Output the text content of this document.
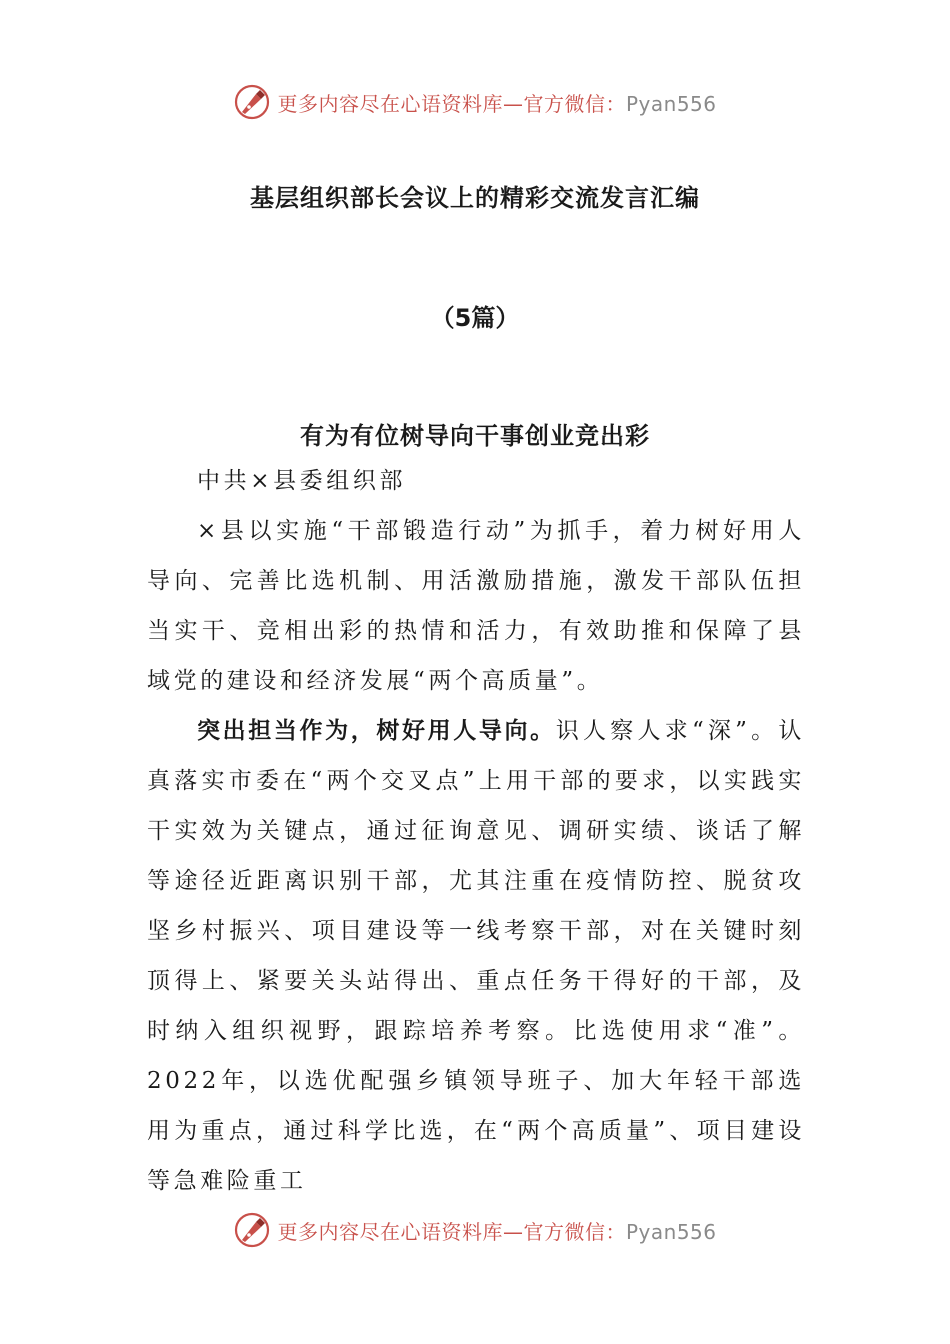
更多内容尽在心语资料库—官方微信：Pyan556
基层组织部长会议上的精彩交流发言汇编
（5篇）
有为有位树导向干事创业竞出彩

中共×县委组织部

×县以实施“干部锻造行动”为抓手，着力树好用人导向、完善比选机制、用活激励措施，激发干部队伍担当实干、竞相出彩的热情和活力，有效助推和保障了县域党的建设和经济发展“两个高质量”。

突出担当作为，树好用人导向。识人察人求“深”。认真落实市委在“两个交叉点”上用干部的要求，以实践实干实效为关键点，通过征询意见、调研实绩、谈话了解等途径近距离识别干部，尤其注重在疫情防控、脱贫攻坚乡村振兴、项目建设等一线考察干部，对在关键时刻顶得上、紧要关头站得出、重点任务干得好的干部，及时纳入组织视野，跟踪培养考察。比选使用求“准”。2022年，以选优配强乡镇领导班子、加大年轻干部选用为重点，通过科学比选，在“两个高质量”、项目建设等急难险重工

更多内容尽在心语资料库—官方微信：Pyan556
